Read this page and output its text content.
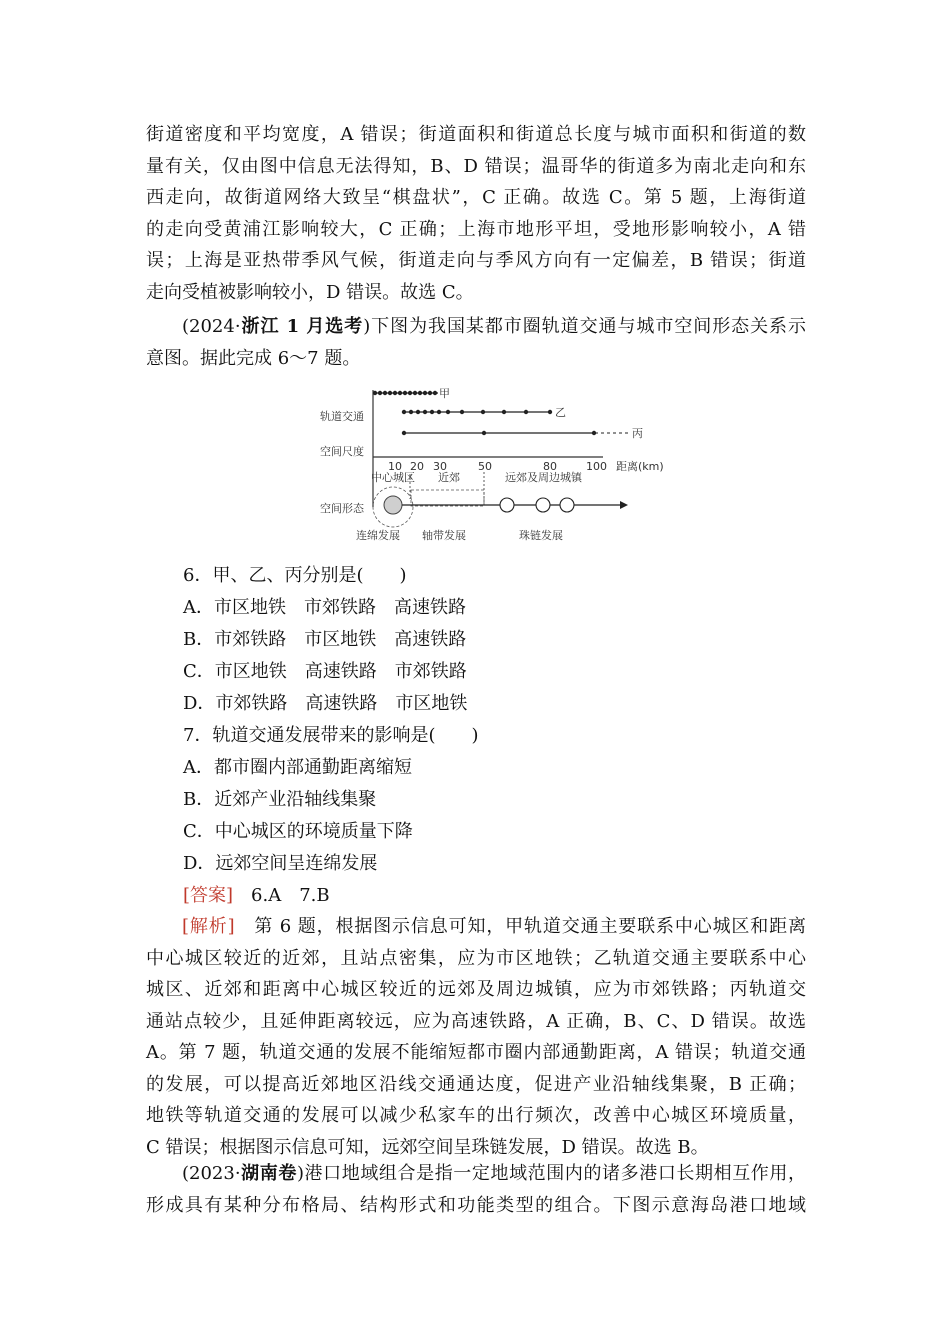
街道密度和平均宽度，A 错误；街道面积和街道总长度与城市面积和街道的数
量有关，仅由图中信息无法得知，B、D 错误；温哥华的街道多为南北走向和东
西走向，故街道网络大致呈“棋盘状”，C 正确。故选 C。第 5 题，上海街道
的走向受黄浦江影响较大，C 正确；上海市地形平坦，受地形影响较小，A 错
误；上海是亚热带季风气候，街道走向与季风方向有一定偏差，B 错误；街道
走向受植被影响较小，D 错误。故选 C。
(2024·浙江 1 月选考)下图为我国某都市圈轨道交通与城市空间形态关系示
意图。据此完成 6～7 题。
轨道交通
空间尺度
空间形态
甲
乙
丙
10 20 30	50	80	100 距离(km)
中心城区 近郊	远郊及周边城镇
连绵发展 轴带发展	珠链发展
6．甲、乙、丙分别是(　　)
A．市区地铁　市郊铁路　高速铁路
B．市郊铁路　市区地铁　高速铁路
C．市区地铁　高速铁路　市郊铁路
D．市郊铁路　高速铁路　市区地铁
7．轨道交通发展带来的影响是(　　)
A．都市圈内部通勤距离缩短
B．近郊产业沿轴线集聚
C．中心城区的环境质量下降
D．远郊空间呈连绵发展
[答案]　6.A　7.B
[解析]　第 6 题，根据图示信息可知，甲轨道交通主要联系中心城区和距离
中心城区较近的近郊，且站点密集，应为市区地铁；乙轨道交通主要联系中心
城区、近郊和距离中心城区较近的远郊及周边城镇，应为市郊铁路；丙轨道交
通站点较少，且延伸距离较远，应为高速铁路，A 正确，B、C、D 错误。故选
A。第 7 题，轨道交通的发展不能缩短都市圈内部通勤距离，A 错误；轨道交通
的发展，可以提高近郊地区沿线交通通达度，促进产业沿轴线集聚，B 正确；
地铁等轨道交通的发展可以减少私家车的出行频次，改善中心城区环境质量，
C 错误；根据图示信息可知，远郊空间呈珠链发展，D 错误。故选 B。
(2023·湖南卷)港口地域组合是指一定地域范围内的诸多港口长期相互作用，
形成具有某种分布格局、结构形式和功能类型的组合。下图示意海岛港口地域
